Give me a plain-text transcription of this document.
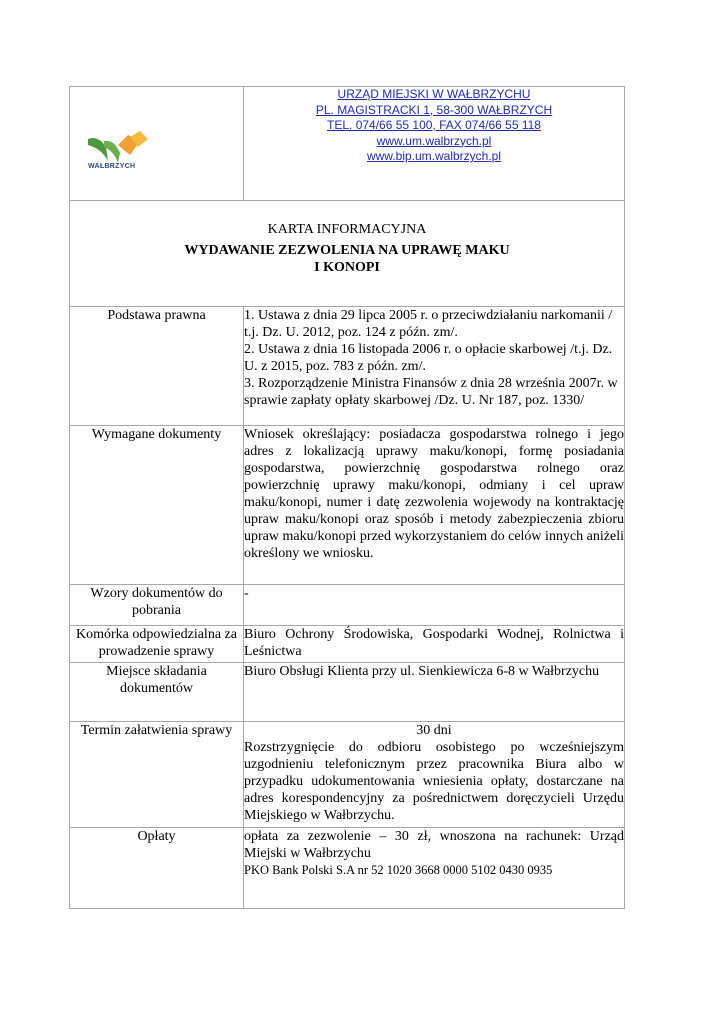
WAŁBRZYCH	URZĄD MIEJSKI W WAŁBRZYCHU
PL. MAGISTRACKI 1, 58-300 WAŁBRZYCH
TEL. 074/66 55 100, FAX 074/66 55 118
www.um.walbrzych.pl
www.bip.um.walbrzych.pl

KARTA INFORMACYJNA
WYDAWANIE ZEZWOLENIA NA UPRAWĘ MAKU
I KONOPI	

Podstawa prawna	1. Ustawa z dnia 29 lipca 2005 r. o przeciwdziałaniu narkomanii / t.j. Dz. U. 2012, poz. 124 z późn. zm/.
2. Ustawa z dnia 16 listopada 2006 r. o opłacie skarbowej /t.j. Dz. U. z 2015, poz. 783 z późn. zm/.
3. Rozporządzenie Ministra Finansów z dnia 28 września 2007r. w sprawie zapłaty opłaty skarbowej /Dz. U. Nr 187, poz. 1330/

Wymagane dokumenty	Wniosek określający: posiadacza gospodarstwa rolnego i jego adres z lokalizacją uprawy maku/konopi, formę posiadania gospodarstwa, powierzchnię gospodarstwa rolnego oraz powierzchnię uprawy maku/konopi, odmiany i cel upraw maku/konopi, numer i datę zezwolenia wojewody na kontraktację upraw maku/konopi oraz sposób i metody zabezpieczenia zbioru upraw maku/konopi przed wykorzystaniem do celów innych aniżeli określony we wniosku.
Wzory dokumentów do pobrania	-
Komórka odpowiedzialna za prowadzenie sprawy	Biuro Ochrony Środowiska, Gospodarki Wodnej, Rolnictwa i Leśnictwa
Miejsce składania dokumentów	Biuro Obsługi Klienta przy ul. Sienkiewicza 6-8 w Wałbrzychu
Termin załatwienia sprawy	30 dni
Rozstrzygnięcie do odbioru osobistego po wcześniejszym uzgodnieniu telefonicznym przez pracownika Biura albo w przypadku udokumentowania wniesienia opłaty, dostarczane na adres korespondencyjny za pośrednictwem doręczycieli Urzędu Miejskiego w Wałbrzychu.

Opłaty	opłata za zezwolenie – 30 zł, wnoszona na rachunek: Urząd Miejski w Wałbrzychu
PKO Bank Polski S.A nr 52 1020 3668 0000 5102 0430 0935
